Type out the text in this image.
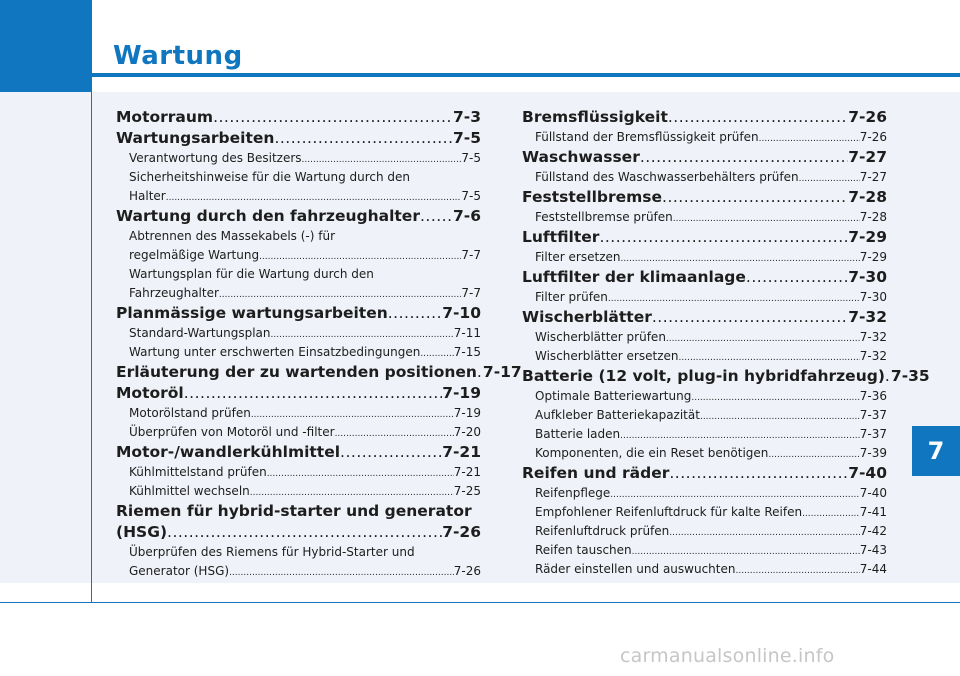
Wartung
7
Motorraum .....	7-3
Wartungsarbeiten .....	7-5
Verantwortung des Besitzers .....	7-5
Sicherheitshinweise für die Wartung durch den
Halter .....	7-5
Wartung durch den fahrzeughalter ..... 7-6
Abtrennen des Massekabels (-) für
regelmäßige Wartung .....	7-7
Wartungsplan für die Wartung durch den
Fahrzeughalter .....	7-7
Planmässige wartungsarbeiten .....	7-10
Standard-Wartungsplan .....	7-11
Wartung unter erschwerten Einsatzbedingungen .....	7-15
Erläuterung der zu wartenden positionen ..... 7-17
Motoröl .....	7-19
Motorölstand prüfen .....	7-19
Überprüfen von Motoröl und -filter .....	7-20
Motor-/wandlerkühlmittel .....	7-21
Kühlmittelstand prüfen .....	7-21
Kühlmittel wechseln .....	7-25
Riemen für hybrid-starter und generator
(HSG) .....	7-26
Überprüfen des Riemens für Hybrid-Starter und
Generator (HSG) .....	7-26
Bremsflüssigkeit .....	7-26
Füllstand der Bremsflüssigkeit prüfen .....	7-26
Waschwasser .....	7-27
Füllstand des Waschwasserbehälters prüfen .....	7-27
Feststellbremse .....	7-28
Feststellbremse prüfen .....	7-28
Luftfilter .....	7-29
Filter ersetzen .....	7-29
Luftfilter der klimaanlage .....	7-30
Filter prüfen .....	7-30
Wischerblätter .....	7-32
Wischerblätter prüfen .....	7-32
Wischerblätter ersetzen .....	7-32
Batterie (12 volt, plug-in hybridfahrzeug) ..... 7-35
Optimale Batteriewartung .....	7-36
Aufkleber Batteriekapazität .....	7-37
Batterie laden .....	7-37
Komponenten, die ein Reset benötigen .....	7-39
Reifen und räder .....	7-40
Reifenpflege .....	7-40
Empfohlener Reifenluftdruck für kalte Reifen .....	7-41
Reifenluftdruck prüfen .....	7-42
Reifen tauschen .....	7-43
Räder einstellen und auswuchten .....	7-44
carmanualsonline.info
